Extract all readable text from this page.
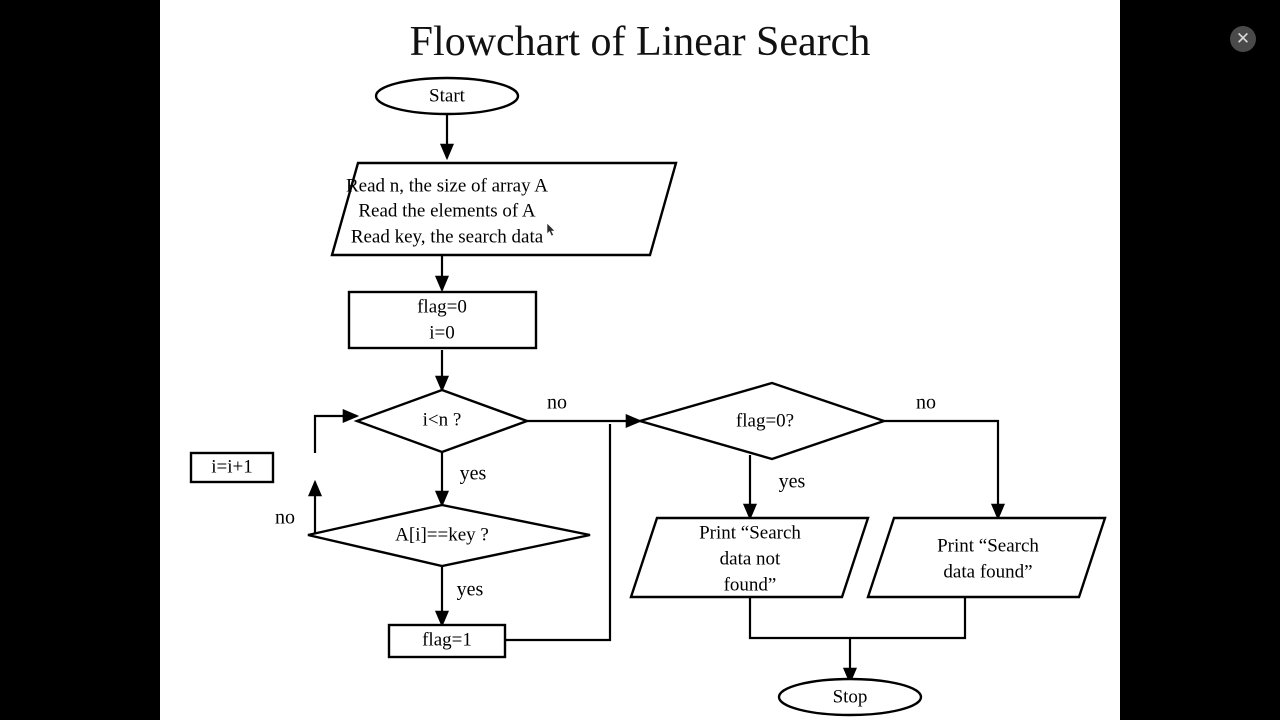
Flowchart of Linear Search
Start
Read n, the size of array A
Read the elements of A
Read key, the search data
flag=0
i=0
i<n ?
i=i+1
A[i]==key ?
flag=1
flag=0?
Print “Search
data not
found”
Print “Search
data found”
Stop
no
yes
no
yes
no
yes
✕
